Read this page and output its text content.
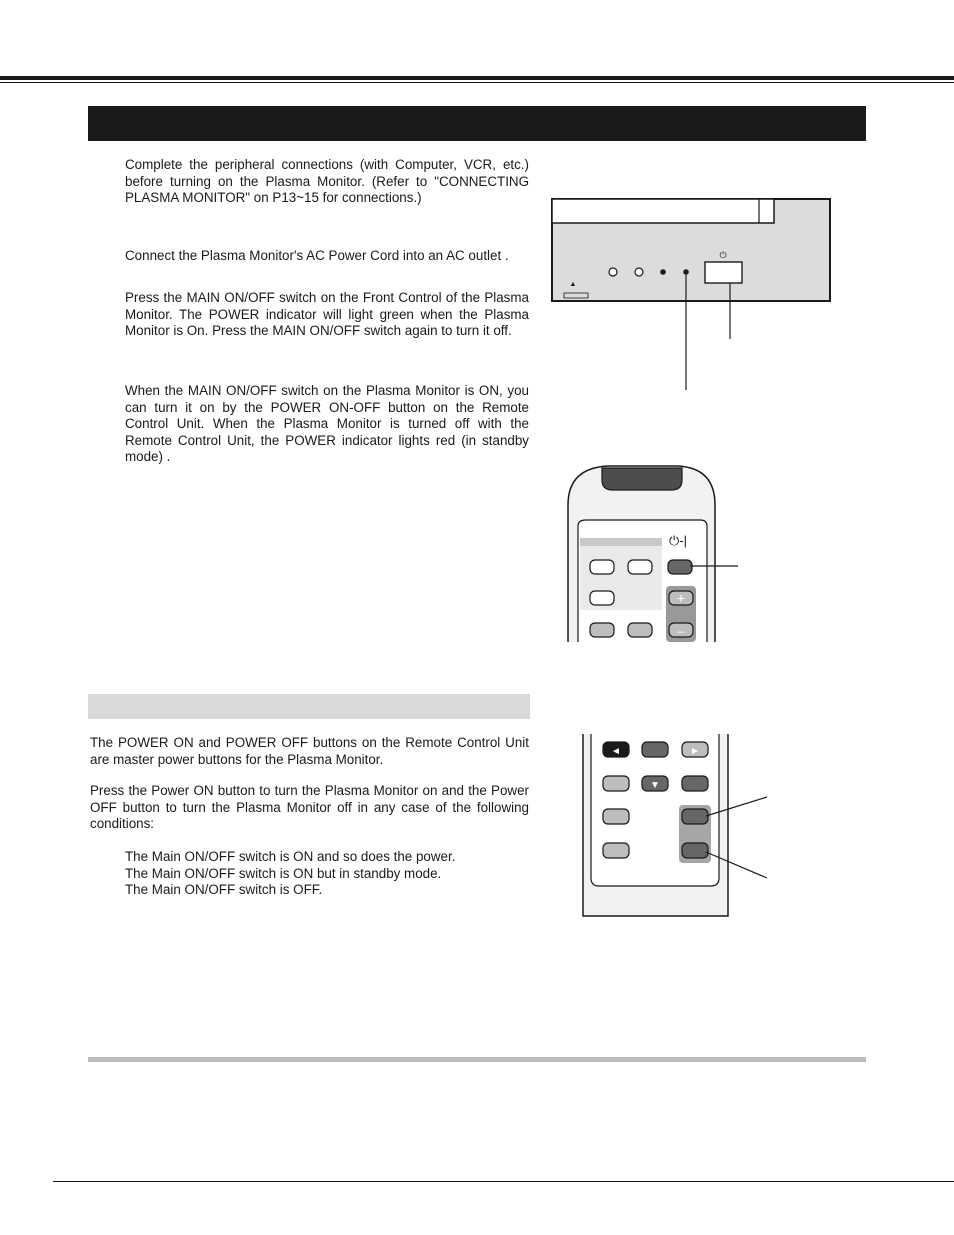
Complete the peripheral connections (with Computer, VCR, etc.) before turning on the Plasma Monitor. (Refer to "CONNECTING PLASMA MONITOR" on P13~15 for connections.)

Connect the Plasma Monitor's AC Power Cord into an AC outlet .

Press the MAIN ON/OFF switch on the Front Control of the Plasma Monitor. The POWER indicator will light green when the Plasma Monitor is On. Press the MAIN ON/OFF switch again to turn it off.

When the MAIN ON/OFF switch on the Plasma Monitor is ON, you can turn it on by the POWER ON-OFF button on the Remote Control Unit. When the Plasma Monitor is turned off with the Remote Control Unit, the POWER indicator lights red (in standby mode) .

⏻
▲
⏻-|
+
–

The POWER ON and POWER OFF buttons on the Remote Control Unit are master power buttons for the Plasma Monitor.

Press the Power ON button to turn the Plasma Monitor on and the Power OFF button to turn the Plasma Monitor off in any case of the following conditions:

The Main ON/OFF switch is ON and so does the power.

The Main ON/OFF switch is ON but in standby mode.

The Main ON/OFF switch is OFF.

◄	►
▼
